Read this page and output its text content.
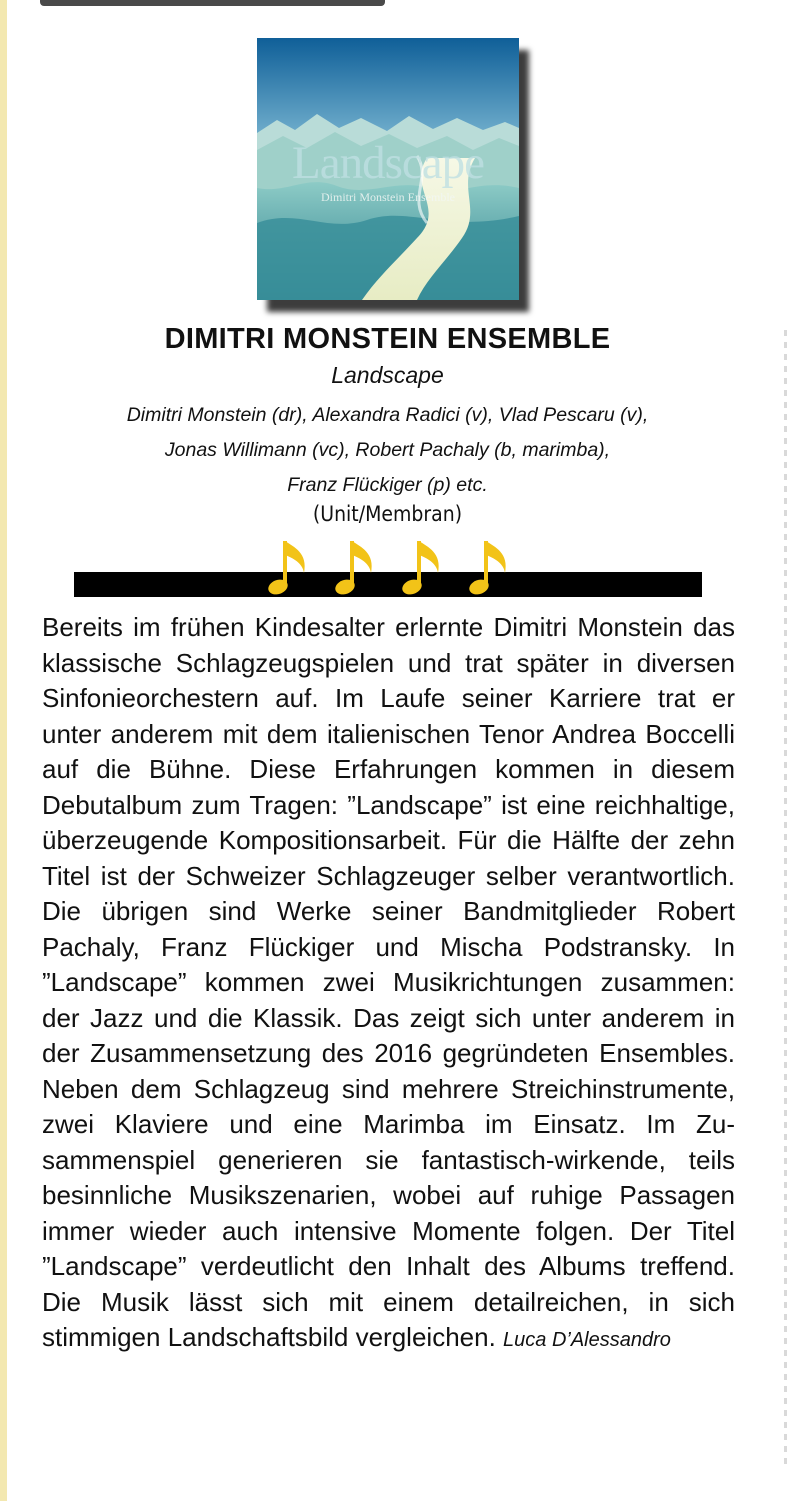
Landscape
Dimitri Monstein Ensemble
DIMITRI MONSTEIN ENSEMBLE
Landscape
Dimitri Monstein (dr), Alexandra Radici (v), Vlad Pescaru (v),
Jonas Willimann (vc), Robert Pachaly (b, marimba),
Franz Flückiger (p) etc.
(Unit/Membran)
Bereits im frühen Kindesalter erlernte Dimitri Monstein das klassische Schlagzeugspielen und trat später in diversen Sinfonieorchestern auf. Im Laufe seiner Karriere trat er unter anderem mit dem italienischen Tenor Andrea Boccelli auf die Bühne. Diese Erfahrungen kommen in diesem Debutalbum zum Tragen: ”Landscape” ist eine reichhaltige, überzeugende Kompositionsarbeit. Für die Hälfte der zehn Titel ist der Schweizer Schlagzeuger selber verantwortlich. Die übrigen sind Werke seiner Bandmitglieder Robert Pachaly, Franz Flückiger und Mischa Podstransky. In ”Landscape” kommen zwei Musikrichtungen zusammen: der Jazz und die Klassik. Das zeigt sich unter anderem in der Zusammensetzung des 2016 gegründeten Ensembles. Neben dem Schlagzeug sind mehrere Streichinstrumente, zwei Klaviere und eine Marimba im Einsatz. Im Zusammenspiel generieren sie fantastisch-wirkende, teils besinnliche Musikszenarien, wobei auf ruhige Passagen immer wieder auch intensive Momente folgen. Der Titel ”Landscape” verdeutlicht den Inhalt des Albums treffend. Die Musik lässt sich mit einem detailreichen, in sich stimmigen Landschaftsbild vergleichen. Luca D’Alessandro
